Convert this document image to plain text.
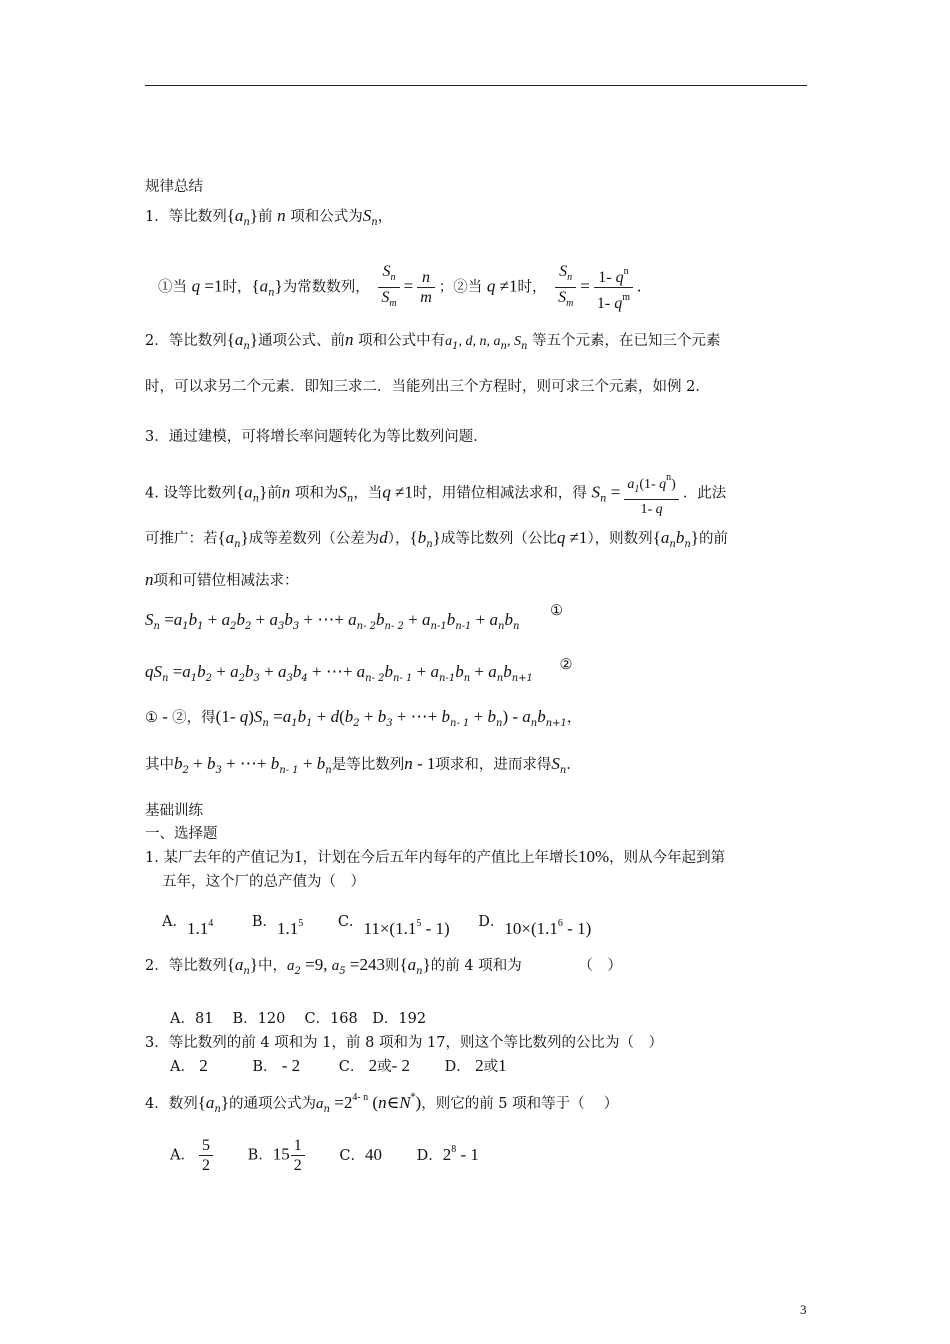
规律总结
1．等比数列$\{a_n\}$前 n 项和公式为$S_n$，
①当 q =1时，$\{a_n\}$为常数数列， $\frac{S_n}{S_m} = \frac{n}{m}$ ；②当 q ≠1时， $\frac{S_n}{S_m} = \frac{1- q^n}{1- q^m}$ .
2．等比数列$\{a_n\}$通项公式、前n 项和公式中有$a_1$, d, n, $a_n$, $S_n$ 等五个元素，在已知三个元素
时，可以求另二个元素．即知三求二．当能列出三个方程时，则可求三个元素，如例 2．
3．通过建模，可将增长率问题转化为等比数列问题．
4. 设等比数列$\{a_n\}$前n 项和为$S_n$，当q ≠1时，用错位相减法求和，得 $S_n = \frac{a_1(1- q^n)}{1- q}$ ．此法
可推广：若$\{a_n\}$成等差数列（公差为d），$\{b_n\}$成等比数列（公比q ≠1），则数列$\{a_nb_n\}$的前
n项和可错位相减法求：
$S_n =a_1b_1 + a_2b_2 + a_3b_3$ + ⋯+ $a_{n- 2}b_{n- 2} + a_{n-1}b_{n-1} + a_nb_n$ ①
$qS_n =a_1b_2 + a_2b_3 + a_3b_4$ + ⋯+ $a_{n- 2}b_{n- 1} + a_{n-1}b_n + a_nb_{n+1}$ ②
① - ②，得(1- $q)S_n =a_1b_1 + d(b_2 + b_3$ + ⋯+ $b_{n- 1} + b_n) - a_nb_{n+1}$，
其中$b_2 + b_3$ + ⋯+ $b_{n- 1} + b_n$是等比数列n - 1项求和，进而求得$S_n$．
基础训练
一、选择题
1. 某厂去年的产值记为1，计划在今后五年内每年的产值比上年增长10%，则从今年起到第
五年，这个厂的总产值为（　）
A．$1.1^4$	B．$1.1^5$ C．$11\times(1.1^5 - 1)$ D．$10\times(1.1^6 - 1)$
2．等比数列$\{a_n\}$中，$a_2 =9$, $a_5 =243$则$\{a_n\}$的前 4 项和为	（　）
A．81　 B．120　 C．168　D．192
3．等比数列的前 4 项和为 1，前 8 项和为 17，则这个等比数列的公比为（　）
A． 2	B． - 2	C． 2或- 2 D． 2或1
4．数列$\{a_n\}$的通项公式为$a_n =2^{4- n}$ (n∈N*)，则它的前 5 项和等于（　 ）
A． $\frac{5}{2}$ B．$15 \frac{1}{2}$ C．40 D．$2^8 - 1$
3
